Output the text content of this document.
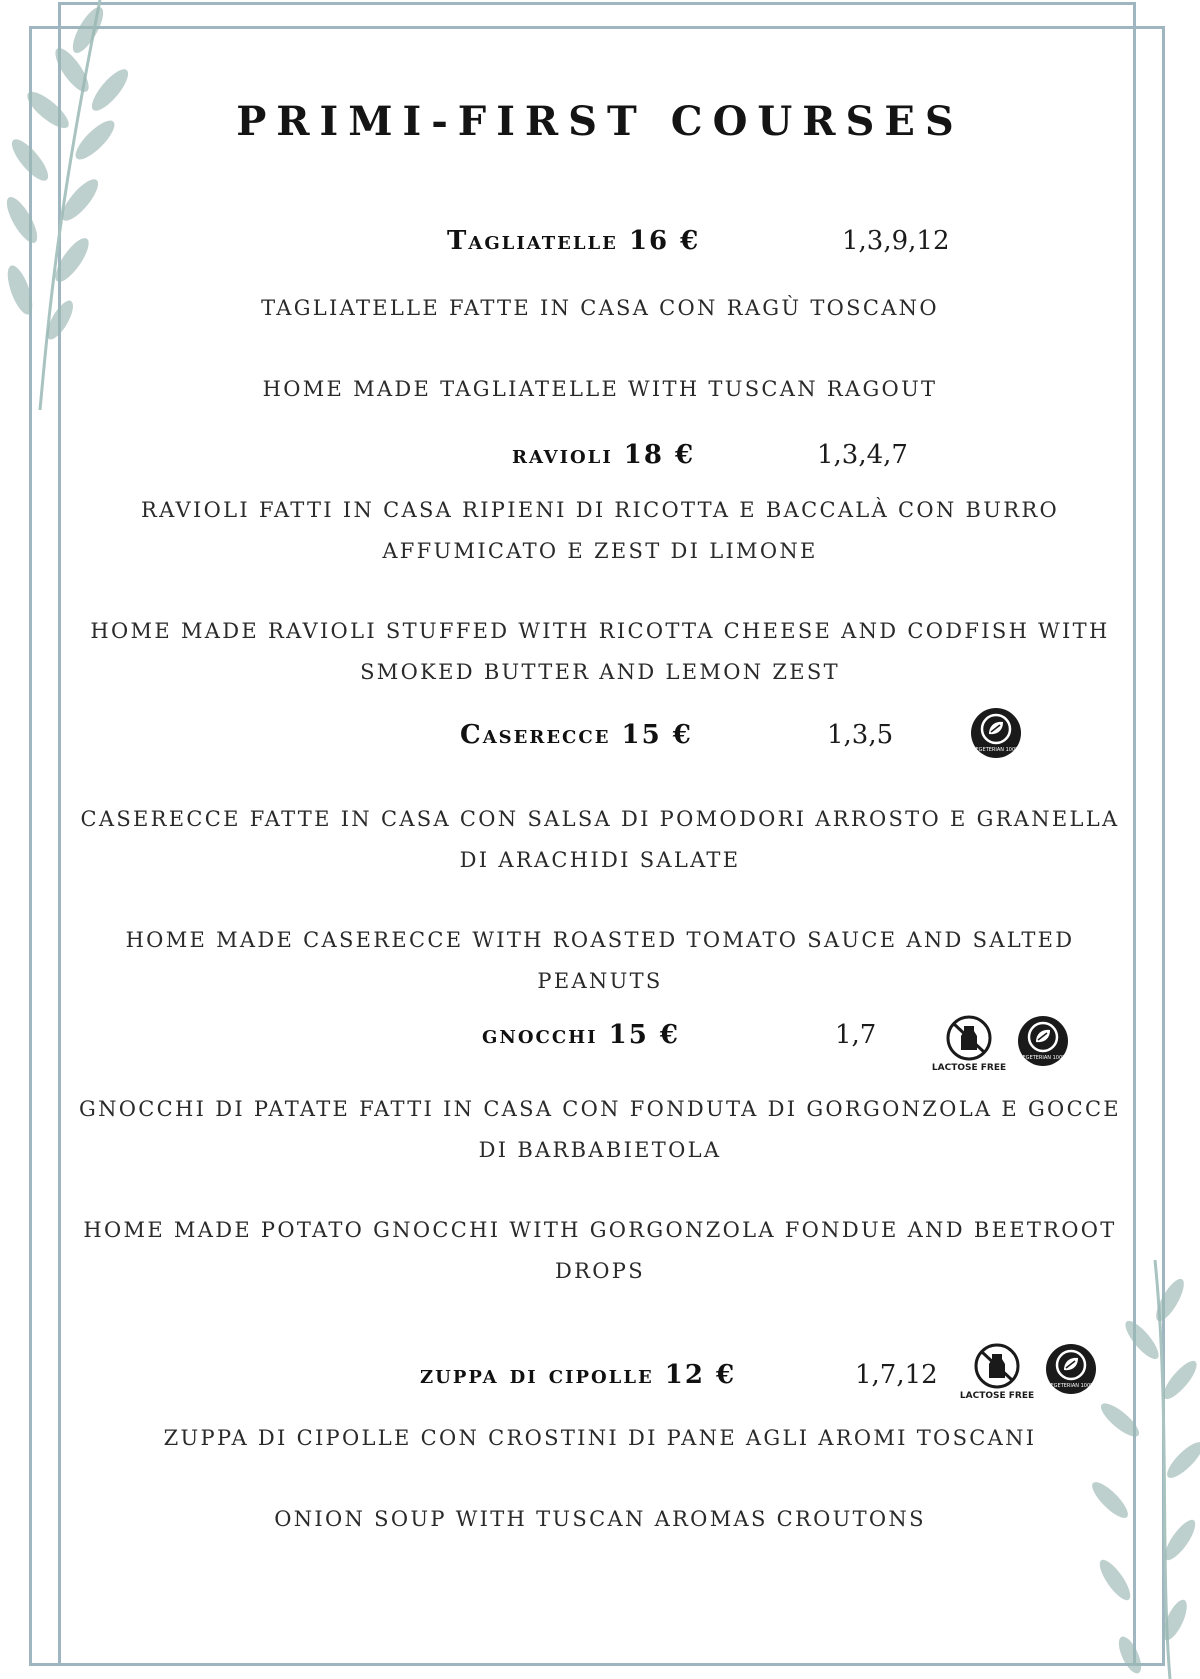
PRIMI-FIRST COURSES
Tagliatelle 16 €	1,3,9,12

TAGLIATELLE FATTE IN CASA CON RAGÙ TOSCANO

HOME MADE TAGLIATELLE WITH TUSCAN RAGOUT

ravioli 18 €	1,3,4,7

RAVIOLI FATTI IN CASA RIPIENI DI RICOTTA E BACCALÀ CON BURRO AFFUMICATO E ZEST DI LIMONE

HOME MADE RAVIOLI STUFFED WITH RICOTTA CHEESE AND CODFISH WITH SMOKED BUTTER AND LEMON ZEST

Caserecce 15 €	1,3,5	VEGETERIAN 100%

CASERECCE FATTE IN CASA CON SALSA DI POMODORI ARROSTO E GRANELLA DI ARACHIDI SALATE

HOME MADE CASERECCE WITH ROASTED TOMATO SAUCE AND SALTED PEANUTS

gnocchi 15 €	1,7
LACTOSE FREE
VEGETERIAN 100%

GNOCCHI DI PATATE FATTI IN CASA CON FONDUTA DI GORGONZOLA E GOCCE DI BARBABIETOLA

HOME MADE POTATO GNOCCHI WITH GORGONZOLA FONDUE AND BEETROOT DROPS

zuppa di cipolle 12 €	1,7,12
LACTOSE FREE
VEGETERIAN 100%

ZUPPA DI CIPOLLE CON CROSTINI DI PANE AGLI AROMI TOSCANI

ONION SOUP WITH TUSCAN AROMAS CROUTONS
